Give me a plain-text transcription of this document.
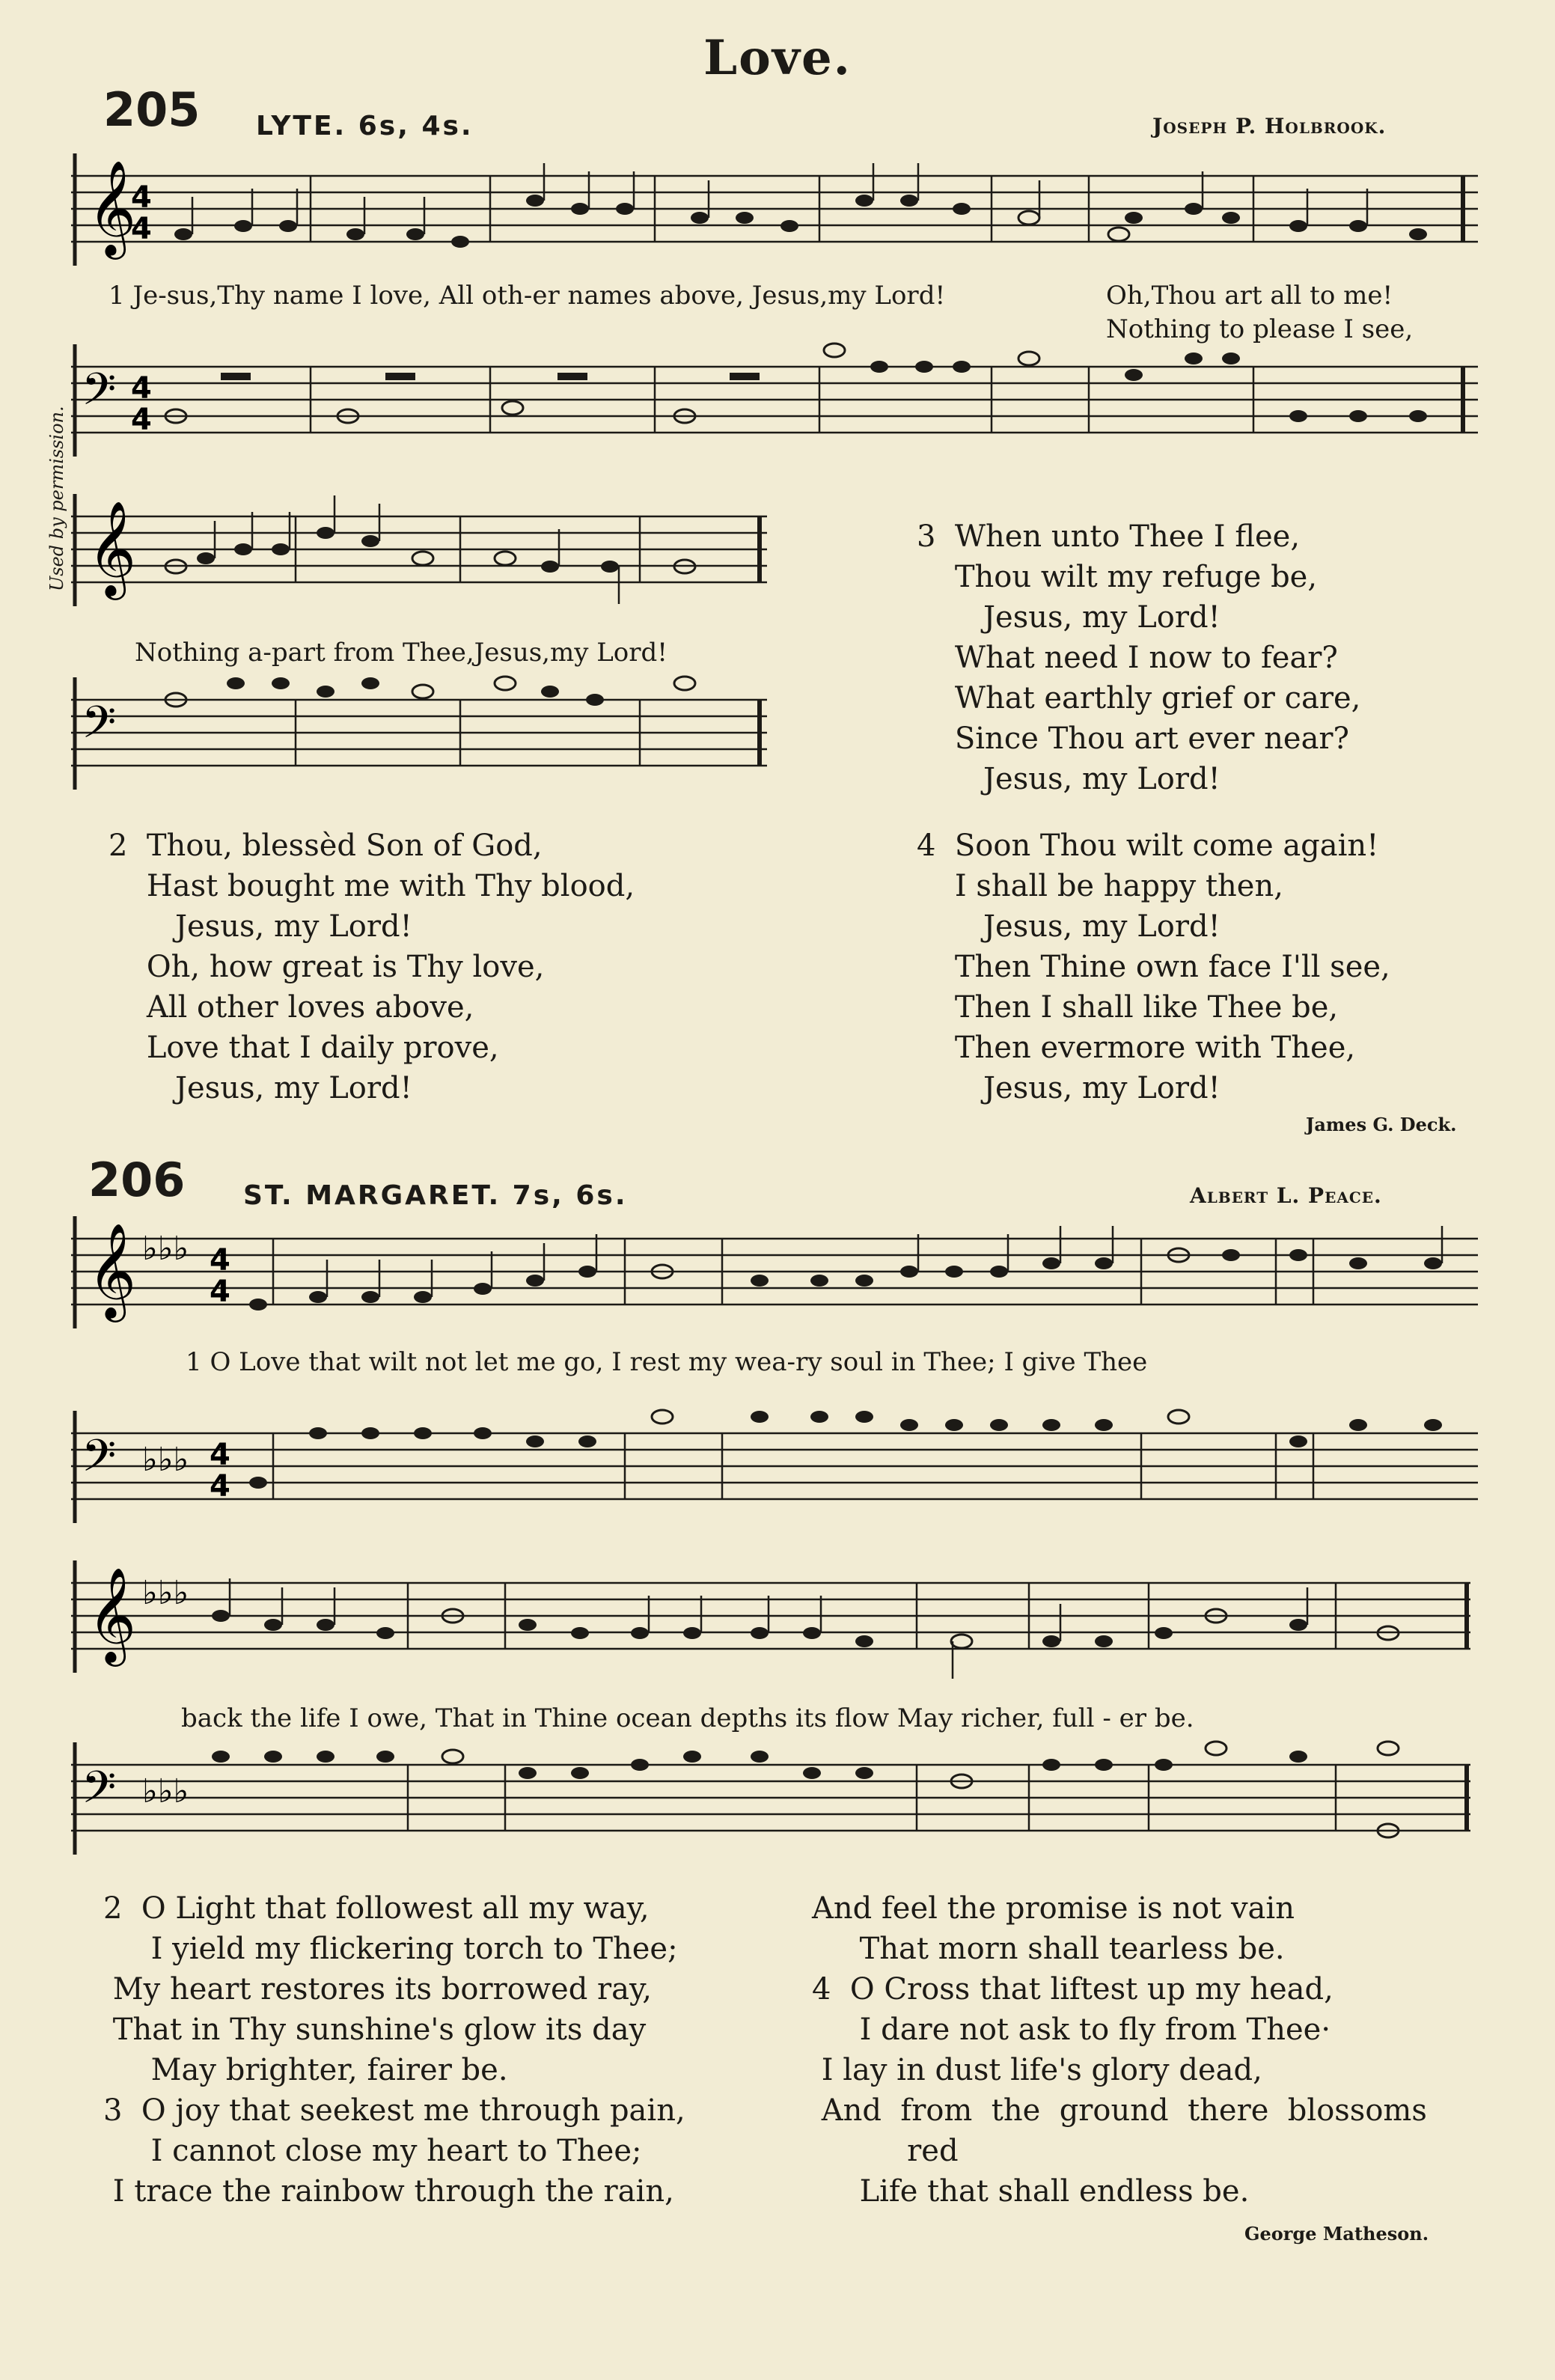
Love.
Used by permission.
205 LYTE. 6s, 4s.	Joseph P. Holbrook.
𝄞
4
4
1 Je-sus,Thy name I love, All oth-er names above, Jesus,my Lord!	Oh,Thou art all to me!
Nothing to please I see,
𝄢 4
4
𝄞
Nothing a-part from Thee,Jesus,my Lord!
𝄢
2  Thou, blessèd Son of God,
Hast bought me with Thy blood,
Jesus, my Lord!
Oh, how great is Thy love,
All other loves above,
Love that I daily prove,
Jesus, my Lord!
3  When unto Thee I flee,
Thou wilt my refuge be,
Jesus, my Lord!
What need I now to fear?
What earthly grief or care,
Since Thou art ever near?
Jesus, my Lord!
4  Soon Thou wilt come again!
I shall be happy then,
Jesus, my Lord!
Then Thine own face I'll see,
Then I shall like Thee be,
Then evermore with Thee,
Jesus, my Lord!
James G. Deck.
206 ST. MARGARET. 7s, 6s.	Albert L. Peace.
𝄞 ♭♭♭ 4
4
1 O Love that wilt not let me go, I rest my wea-ry soul in Thee; I give Thee
𝄢 ♭♭♭ 4
4
𝄞 ♭♭♭
back the life I owe, That in Thine ocean depths its flow May richer, full - er be.
𝄢 ♭♭♭
2  O Light that followest all my way,
I yield my flickering torch to Thee;
My heart restores its borrowed ray,
That in Thy sunshine's glow its day
May brighter, fairer be.
3  O joy that seekest me through pain,
I cannot close my heart to Thee;
I trace the rainbow through the rain,
And feel the promise is not vain
That morn shall tearless be.
4  O Cross that liftest up my head,
I dare not ask to fly from Thee·
I lay in dust life's glory dead,
And  from  the  ground  there  blossoms
red
Life that shall endless be.
George Matheson.
